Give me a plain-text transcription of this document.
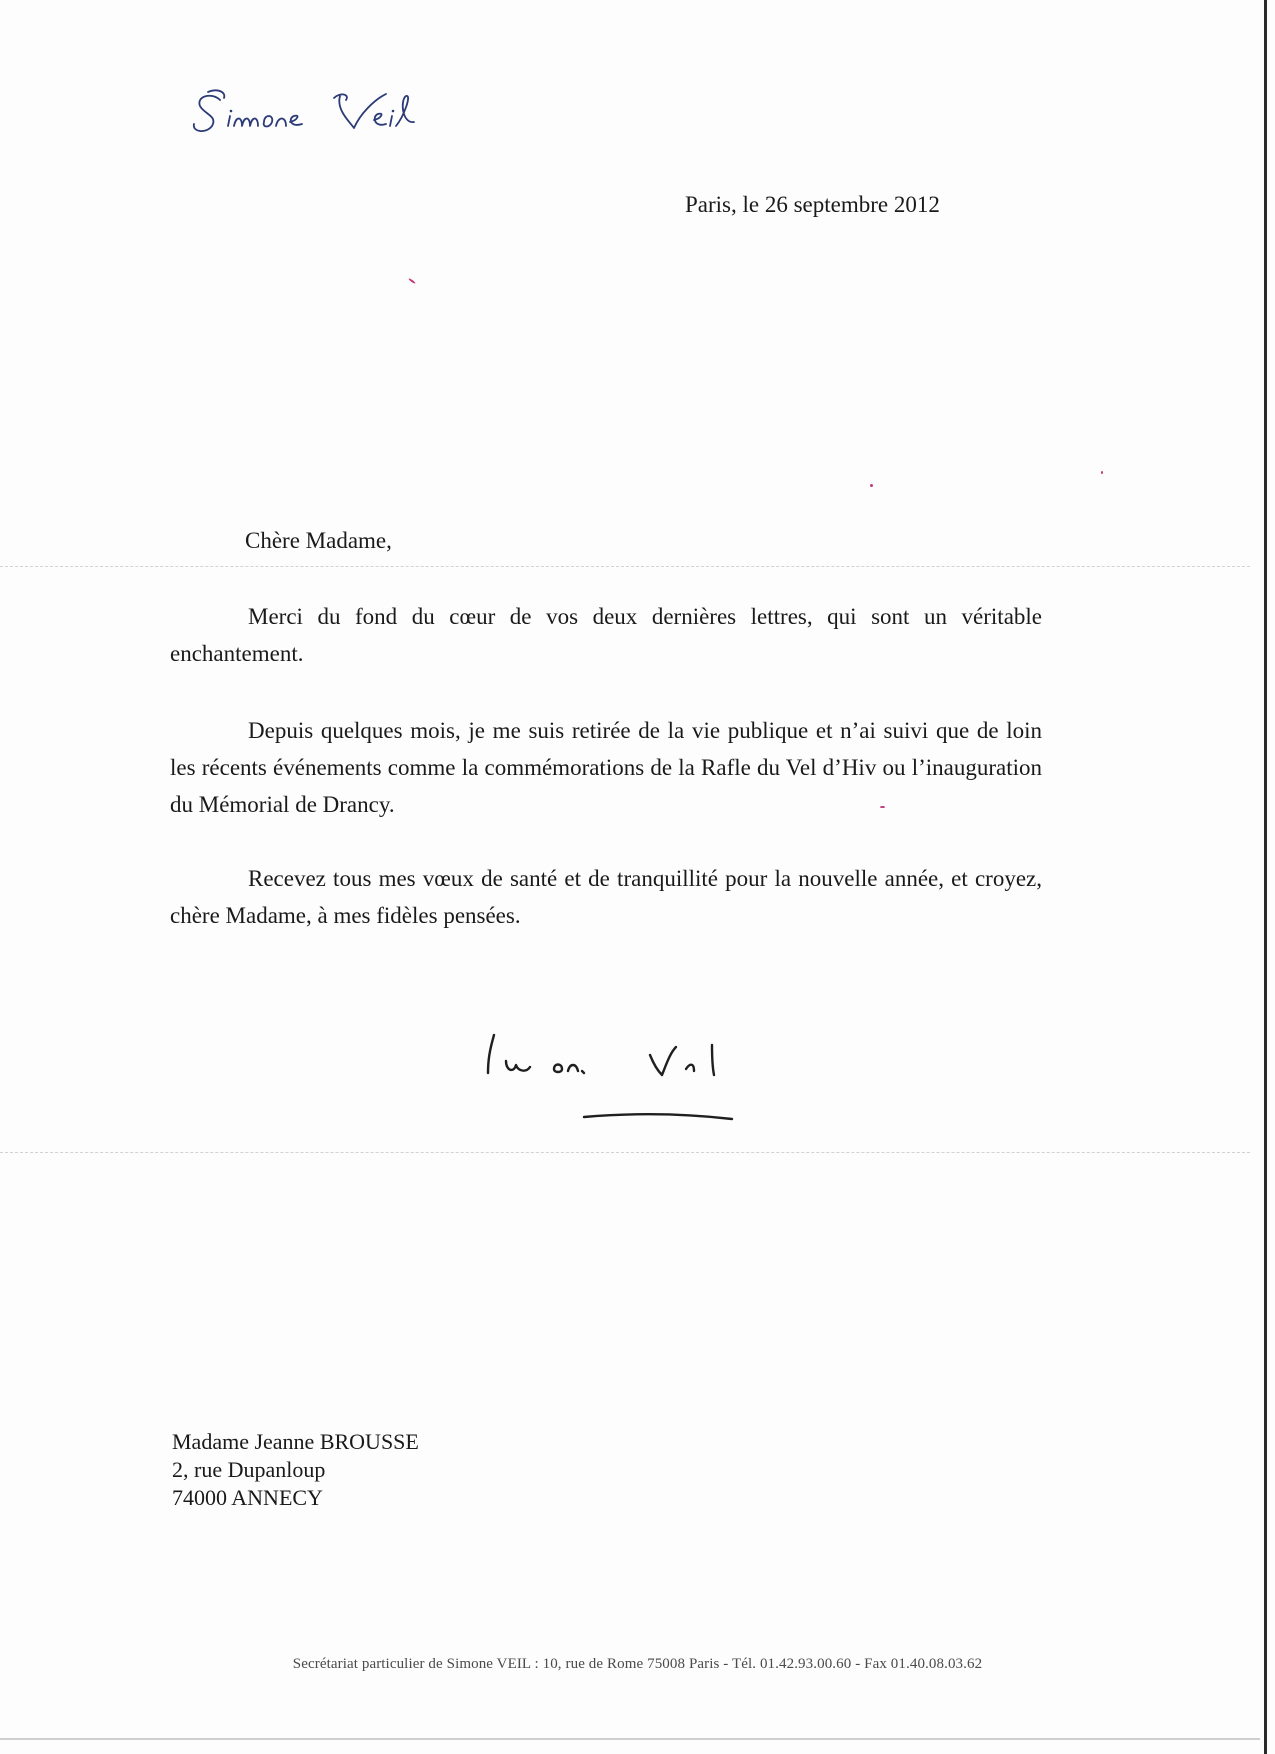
Paris, le 26 septembre 2012
Chère Madame,

Merci du fond du cœur de vos deux dernières lettres, qui sont un véritable enchantement.

Depuis quelques mois, je me suis retirée de la vie publique et n’ai suivi que de loin les récents événements comme la commémorations de la Rafle du Vel d’Hiv ou l’inauguration du Mémorial de Drancy.

Recevez tous mes vœux de santé et de tranquillité pour la nouvelle année, et croyez, chère Madame, à mes fidèles pensées.

Madame Jeanne BROUSSE
2, rue Dupanloup
74000 ANNECY
Secrétariat particulier de Simone VEIL : 10, rue de Rome 75008 Paris - Tél. 01.42.93.00.60 - Fax 01.40.08.03.62
